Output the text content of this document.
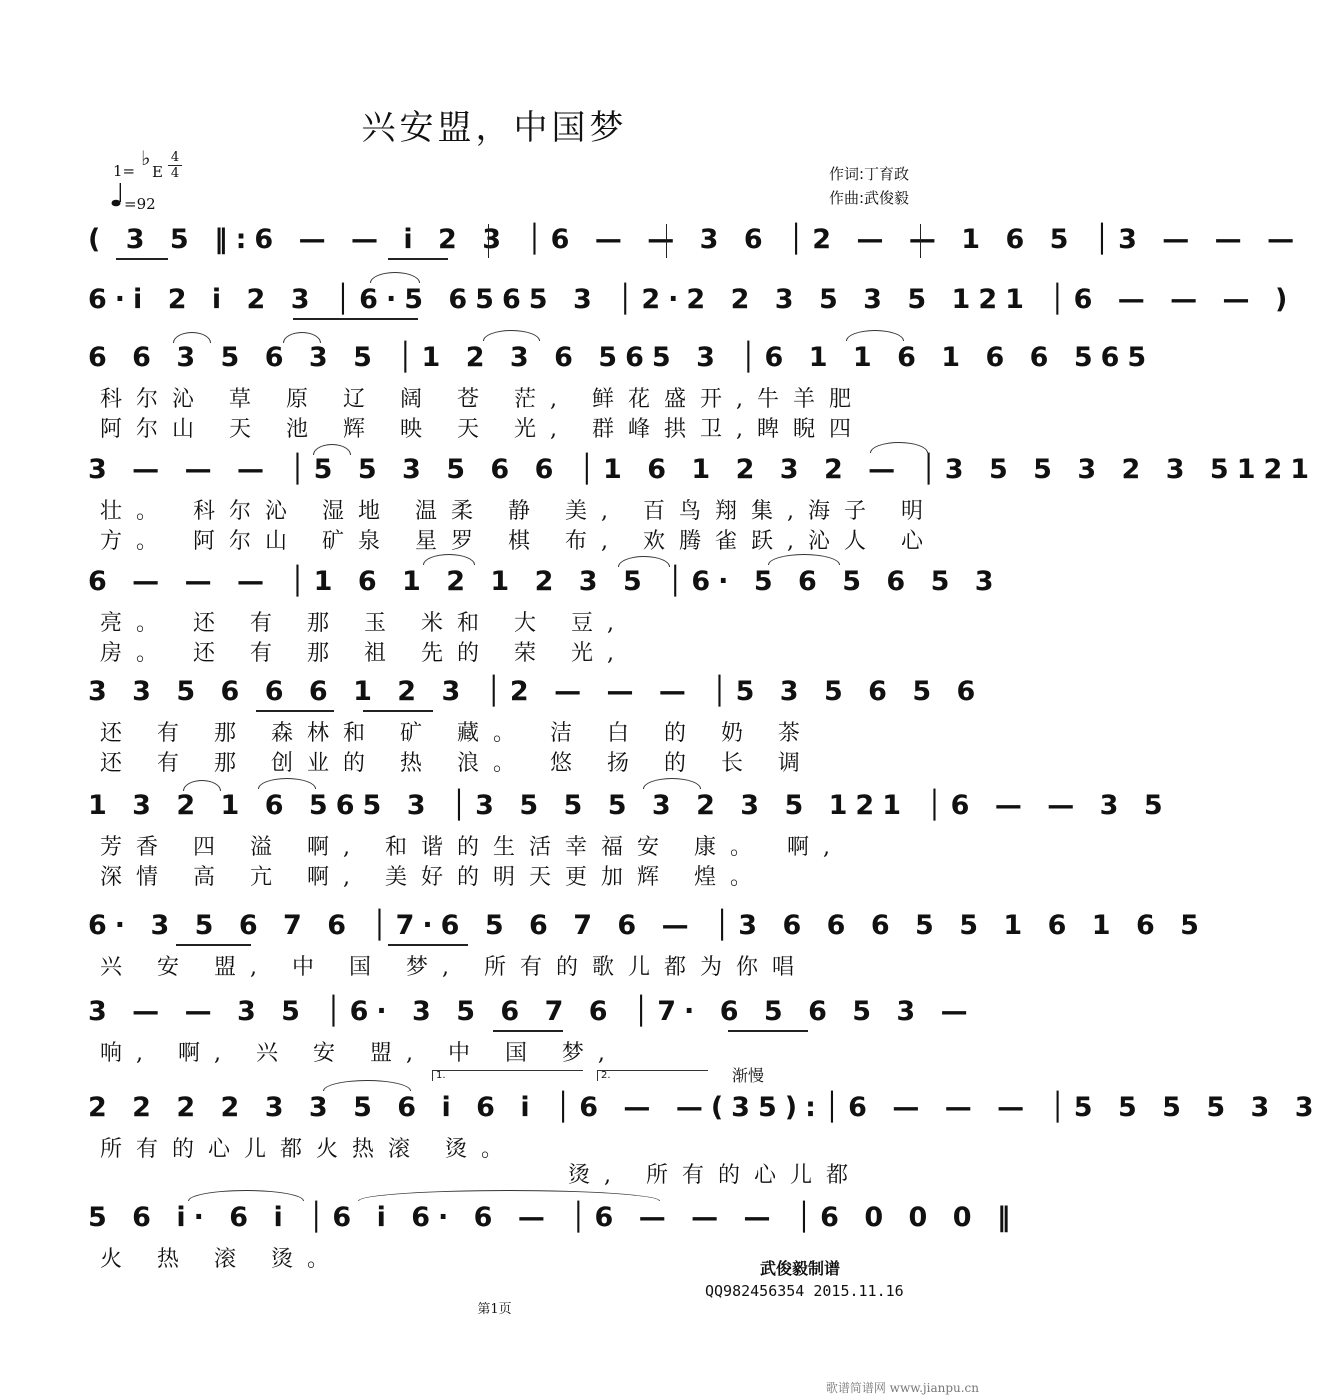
兴安盟，中国梦
1=
♭
E
4
4
=92
作词:丁育政
作曲:武俊毅
( 3 5 ‖:6 — — i 2 3 │6 — — 3 6 │2 — — 1 6 5 │3 — — —
6·i 2 i 2 3 │6·5 6565 3 │2·2 2 3 5 3 5 121 │6 — — — )
6 6 3 5 6 3 5 │1 2 3 6 565 3 │6 1 1 6 1 6 6 565
科尔沁 草 原 辽 阔 苍 茫, 鲜花盛开,牛羊肥
阿尔山 天 池 辉 映 天 光, 群峰拱卫,睥睨四
3 — — — │5 5 3 5 6 6 │1 6 1 2 3 2 — │3 5 5 3 2 3 5121
壮。 科尔沁 湿地 温柔 静 美, 百鸟翔集,海子 明
方。 阿尔山 矿泉 星罗 棋 布, 欢腾雀跃,沁人 心
6 — — — │1 6 1 2 1 2 3 5 │6· 5 6 5 6 5 3
亮。 还 有 那 玉 米和 大 豆,
房。 还 有 那 祖 先的 荣 光,
3 3 5 6 6 6 1 2 3 │2 — — — │5 3 5 6 5 6
还 有 那 森林和 矿 藏。 洁 白 的 奶 茶
还 有 那 创业的 热 浪。 悠 扬 的 长 调
1 3 2 1 6 565 3 │3 5 5 5 3 2 3 5 121 │6 — — 3 5
芳香 四 溢 啊, 和谐的生活幸福安 康。 啊,
深情 高 亢 啊, 美好的明天更加辉 煌。
6· 3 5 6 7 6 │7·6 5 6 7 6 — │3 6 6 6 5 5 1 6 1 6 5
兴 安 盟, 中 国 梦, 所有的歌儿都为你唱
3 — — 3 5 │6· 3 5 6 7 6 │7· 6 5 6 5 3 —
响, 啊, 兴 安 盟, 中 国 梦,
1.	2.	渐慢
2 2 2 2 3 3 5 6 i 6 i │6 — —(35):│6 — — — │5 5 5 5 3 3
所有的心儿都火热滚 烫。
烫, 所有的心儿都
5 6 i· 6 i │6 i 6· 6 — │6 — — — │6 0 0 0 ‖
火 热 滚 烫。	武俊毅制谱
QQ982456354 2015.11.16
第1页
歌谱简谱网 www.jianpu.cn
